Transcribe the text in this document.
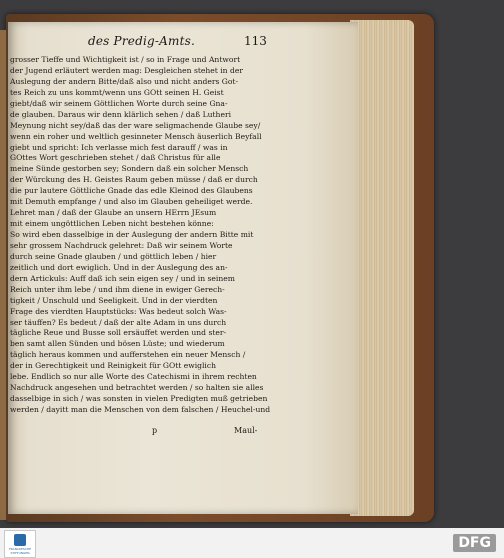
des Predig-Amts.	113
grosser Tieffe und Wichtigkeit ist / so in Frage und Antwort
der Jugend erläutert werden mag: Desgleichen stehet in der
Auslegung der andern Bitte/daß also und nicht anders Got-
tes Reich zu uns kommt/wenn uns GOtt seinen H. Geist
giebt/daß wir seinem Göttlichen Worte durch seine Gna-
de glauben. Daraus wir denn klärlich sehen / daß Lutheri
Meynung nicht sey/daß das der ware seligmachende Glaube sey/
wenn ein roher und weltlich gesinneter Mensch äuserlich Beyfall
giebt und spricht: Ich verlasse mich fest darauff / was in
GOttes Wort geschrieben stehet / daß Christus für alle
meine Sünde gestorben sey; Sondern daß ein solcher Mensch
der Würckung des H. Geistes Raum geben müsse / daß er durch
die pur lautere Göttliche Gnade das edle Kleinod des Glaubens
mit Demuth empfange / und also im Glauben geheiliget werde.
Lehret man / daß der Glaube an unsern HErrn JEsum
mit einem ungöttlichen Leben nicht bestehen könne:
So wird eben dasselbige in der Auslegung der andern Bitte mit
sehr grossem Nachdruck gelehret: Daß wir seinem Worte
durch seine Gnade glauben / und göttlich leben / hier
zeitlich und dort ewiglich. Und in der Auslegung des an-
dern Artickuls: Auff daß ich sein eigen sey / und in seinem
Reich unter ihm lebe / und ihm diene in ewiger Gerech-
tigkeit / Unschuld und Seeligkeit. Und in der vierdten
Frage des vierdten Hauptstücks: Was bedeut solch Was-
ser täuffen? Es bedeut / daß der alte Adam in uns durch
tägliche Reue und Busse soll ersäuffet werden und ster-
ben samt allen Sünden und bösen Lüste; und wiederum
täglich heraus kommen und aufferstehen ein neuer Mensch /
der in Gerechtigkeit und Reinigkeit für GOtt ewiglich
lebe. Endlich so nur alle Worte des Catechismi in ihrem rechten
Nachdruck angesehen und betrachtet werden / so halten sie alles
dasselbige in sich / was sonsten in vielen Predigten muß getrieben
werden / dayitt man die Menschen von dem falschen / Heuchel-und
p	Maul-
FRANCKESCHE STIFTUNGEN
DFG
